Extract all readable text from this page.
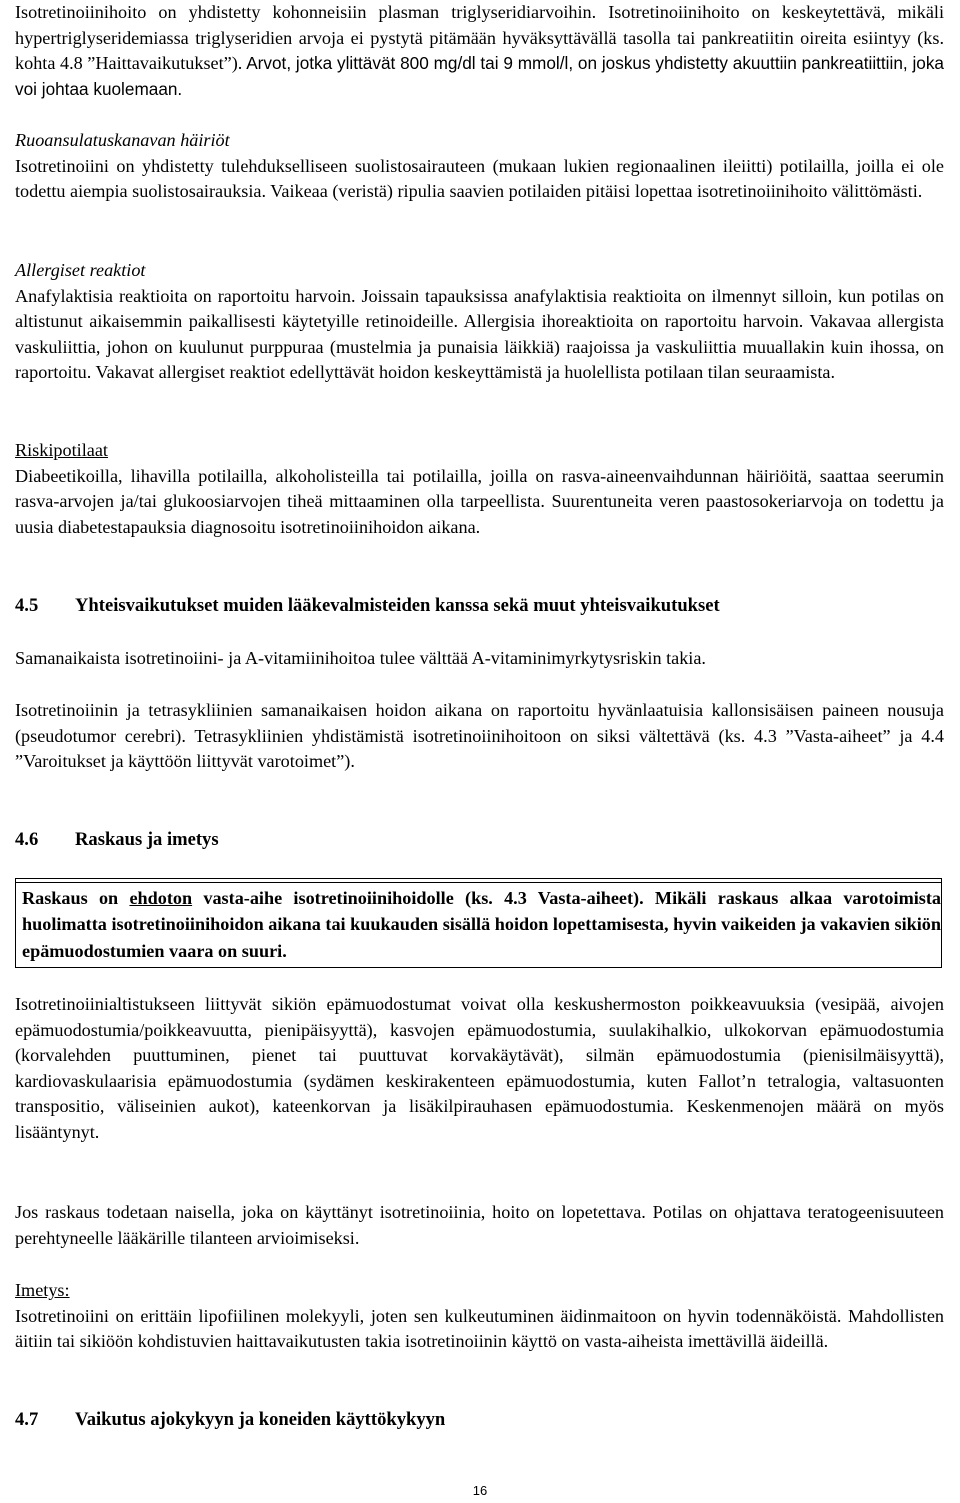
Isotretinoiinihoito on yhdistetty kohonneisiin plasman triglyseridiarvoihin. Isotretinoiinihoito on keskeytettävä, mikäli hypertriglyseridemiassa triglyseridien arvoja ei pystytä pitämään hyväksyttävällä tasolla tai pankreatiitin oireita esiintyy (ks. kohta 4.8 ”Haittavaikutukset”). Arvot, jotka ylittävät 800 mg/dl tai 9 mmol/l, on joskus yhdistetty akuuttiin pankreatiittiin, joka voi johtaa kuolemaan.

Ruoansulatuskanavan häiriöt
Isotretinoiini on yhdistetty tulehdukselliseen suolistosairauteen (mukaan lukien regionaalinen ileiitti) potilailla, joilla ei ole todettu aiempia suolistosairauksia. Vaikeaa (veristä) ripulia saavien potilaiden pitäisi lopettaa isotretinoiinihoito välittömästi.

Allergiset reaktiot
Anafylaktisia reaktioita on raportoitu harvoin. Joissain tapauksissa anafylaktisia reaktioita on ilmennyt silloin, kun potilas on altistunut aikaisemmin paikallisesti käytetyille retinoideille. Allergisia ihoreaktioita on raportoitu harvoin. Vakavaa allergista vaskuliittia, johon on kuulunut purppuraa (mustelmia ja punaisia läikkiä) raajoissa ja vaskuliittia muuallakin kuin ihossa, on raportoitu. Vakavat allergiset reaktiot edellyttävät hoidon keskeyttämistä ja huolellista potilaan tilan seuraamista.

Riskipotilaat
Diabeetikoilla, lihavilla potilailla, alkoholisteilla tai potilailla, joilla on rasva-aineenvaihdunnan häiriöitä, saattaa seerumin rasva-arvojen ja/tai glukoosiarvojen tiheä mittaaminen olla tarpeellista. Suurentuneita veren paastosokeriarvoja on todettu ja uusia diabetestapauksia diagnosoitu isotretinoiinihoidon aikana.

4.5 Yhteisvaikutukset muiden lääkevalmisteiden kanssa sekä muut yhteisvaikutukset

Samanaikaista isotretinoiini- ja A-vitamiinihoitoa tulee välttää A-vitaminimyrkytysriskin takia.

Isotretinoiinin ja tetrasykliinien samanaikaisen hoidon aikana on raportoitu hyvänlaatuisia kallonsisäisen paineen nousuja (pseudotumor cerebri). Tetrasykliinien yhdistämistä isotretinoiinihoitoon on siksi vältettävä (ks. 4.3 ”Vasta-aiheet” ja 4.4 ”Varoitukset ja käyttöön liittyvät varotoimet”).

4.6 Raskaus ja imetys
Raskaus on ehdoton vasta-aihe isotretinoiinihoidolle (ks. 4.3 Vasta-aiheet). Mikäli raskaus alkaa varotoimista huolimatta isotretinoiinihoidon aikana tai kuukauden sisällä hoidon lopettamisesta, hyvin vaikeiden ja vakavien sikiön epämuodostumien vaara on suuri.

Isotretinoiinialtistukseen liittyvät sikiön epämuodostumat voivat olla keskushermoston poikkeavuuksia (vesipää, aivojen epämuodostumia/poikkeavuutta, pienipäisyyttä), kasvojen epämuodostumia, suulakihalkio, ulkokorvan epämuodostumia (korvalehden puuttuminen, pienet tai puuttuvat korvakäytävät), silmän epämuodostumia (pienisilmäisyyttä), kardiovaskulaarisia epämuodostumia (sydämen keskirakenteen epämuodostumia, kuten Fallot’n tetralogia, valtasuonten transpositio, väliseinien aukot), kateenkorvan ja lisäkilpirauhasen epämuodostumia. Keskenmenojen määrä on myös lisääntynyt.

Jos raskaus todetaan naisella, joka on käyttänyt isotretinoiinia, hoito on lopetettava. Potilas on ohjattava teratogeenisuuteen perehtyneelle lääkärille tilanteen arvioimiseksi.

Imetys:
Isotretinoiini on erittäin lipofiilinen molekyyli, joten sen kulkeutuminen äidinmaitoon on hyvin todennäköistä. Mahdollisten äitiin tai sikiöön kohdistuvien haittavaikutusten takia isotretinoiinin käyttö on vasta-aiheista imettävillä äideillä.

4.7 Vaikutus ajokykyyn ja koneiden käyttökykyyn
16
